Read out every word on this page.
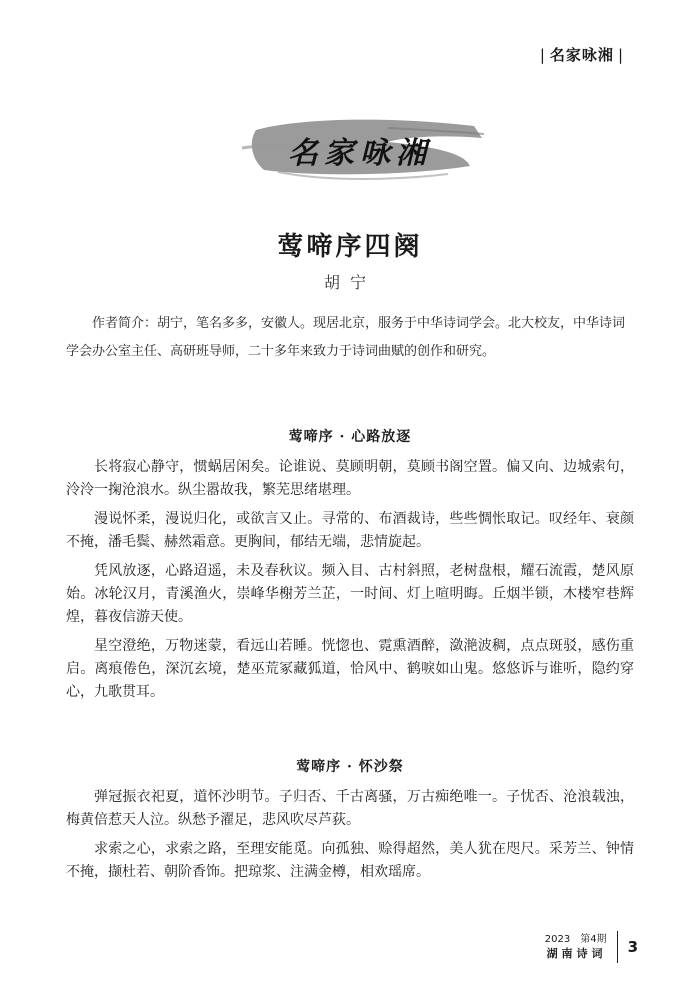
| 名家咏湘 |
名家咏湘
莺啼序四阕
胡宁

作者简介：胡宁，笔名多多，安徽人。现居北京，服务于中华诗词学会。北大校友，中华诗词学会办公室主任、高研班导师，二十多年来致力于诗词曲赋的创作和研究。

莺啼序 · 心路放逐

长将寂心静守，惯蜗居闲矣。论谁说、莫顾明朝，莫顾书阁空置。偏又向、边城索句，泠泠一掬沧浪水。纵尘嚣故我，繁芜思绪堪理。

漫说怀柔，漫说归化，或欲言又止。寻常的、布酒裁诗，些些惆怅取记。叹经年、衰颜不掩，潘毛鬓、赫然霜意。更胸间，郁结无端，悲情旋起。

凭风放逐，心路迢遥，未及春秋议。频入目、古村斜照，老树盘根，耀石流霞，楚风原始。冰轮汉月，青溪渔火，崇峰华榭芳兰芷，一时间、灯上喧明晦。丘烟半锁，木楼窄巷辉煌，暮夜信游天使。

星空澄绝，万物迷蒙，看远山若睡。恍惚也、霓熏酒醉，潋滟波稠，点点斑驳，感伤重启。离痕倦色，深沉玄境，楚巫荒冢藏狐道，恰风中、鹤唳如山鬼。悠悠诉与谁听，隐约穿心，九歌贯耳。

莺啼序 · 怀沙祭

弹冠振衣祀夏，道怀沙明节。子归否、千古离骚，万古痴绝唯一。子忧否、沧浪载浊，梅黄倍惹天人泣。纵愁予濯足，悲风吹尽芦荻。

求索之心，求索之路，至理安能觅。向孤独、赊得超然，美人犹在咫尺。采芳兰、钟情不掩，撷杜若、朝阶香饰。把琼浆、注满金樽，相欢瑶席。

2023　第4期
湖南诗词	3
